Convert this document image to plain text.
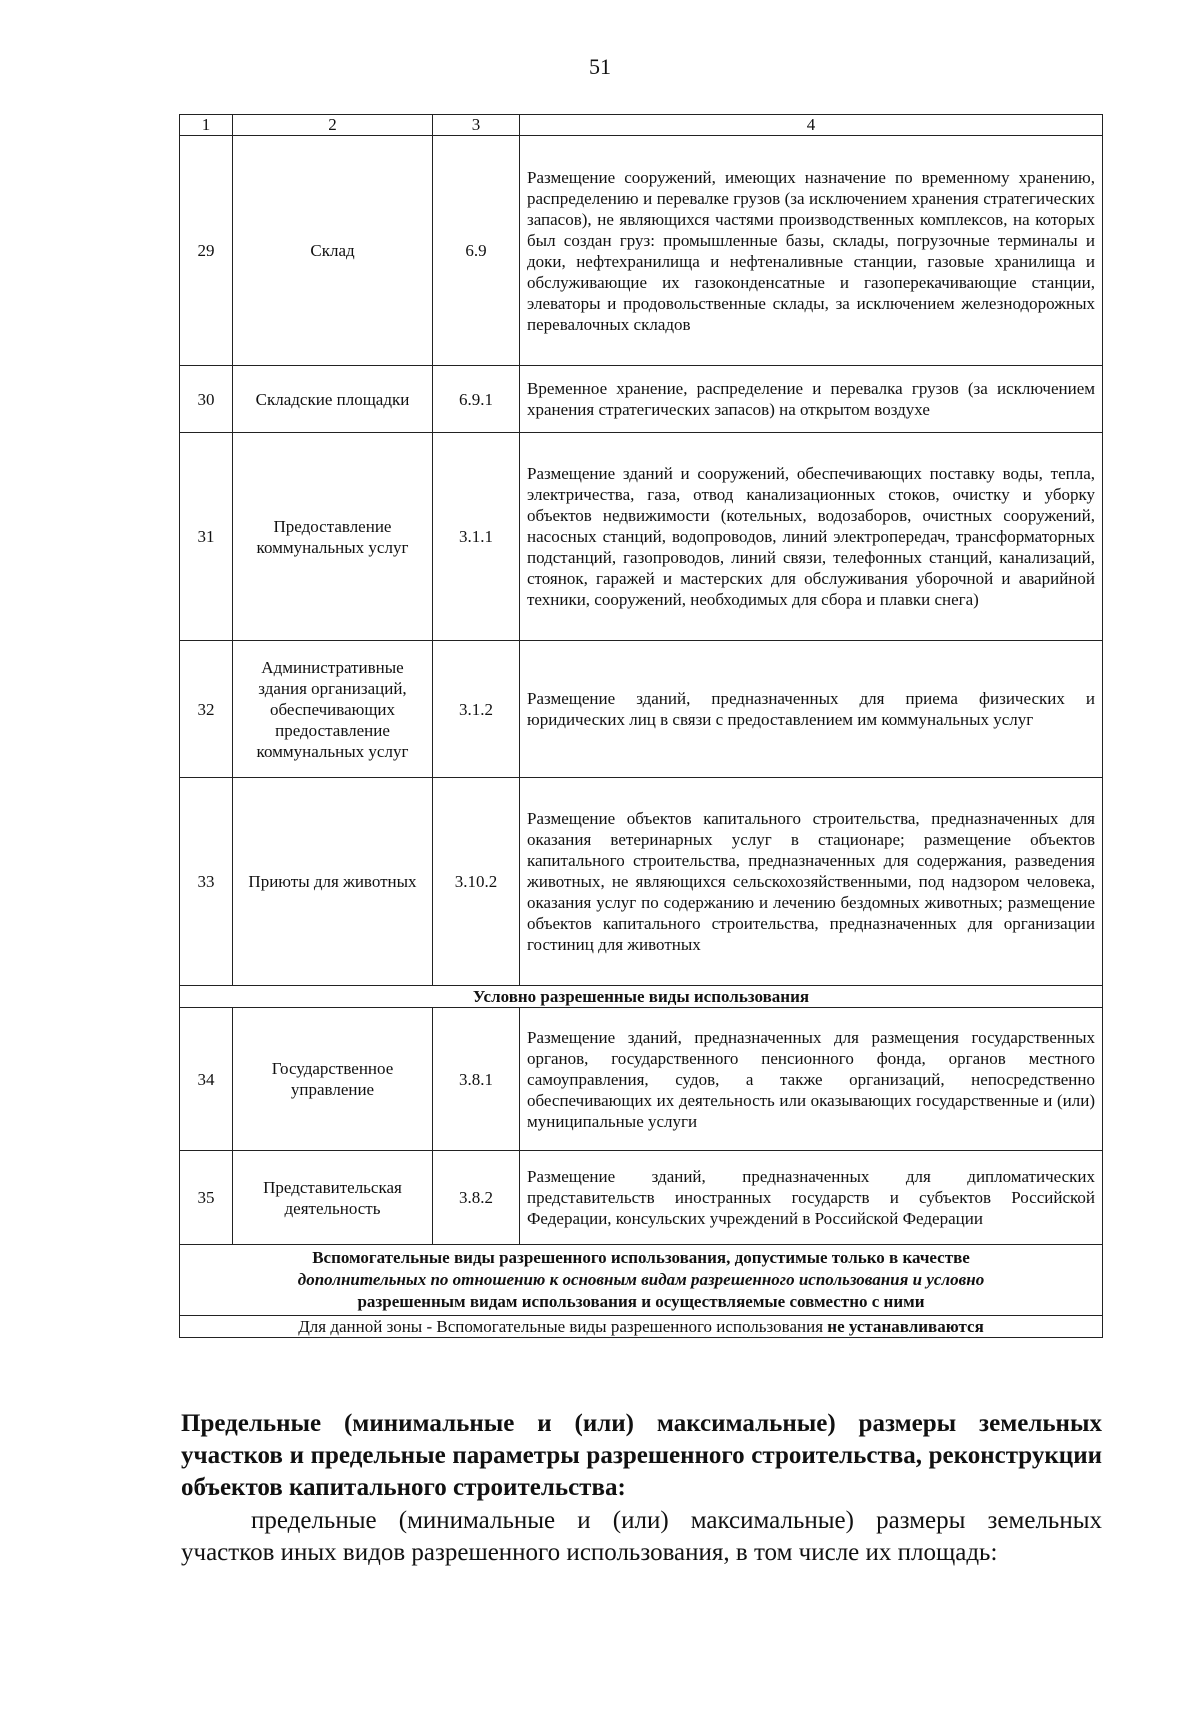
51
1	2	3	4
29	Склад	6.9	Размещение сооружений, имеющих назначение по временному хранению, распределению и перевалке грузов (за исключением хранения стратегических запасов), не являющихся частями производственных комплексов, на которых был создан груз: промышленные базы, склады, погрузочные терминалы и доки, нефтехранилища и нефтеналивные станции, газовые хранилища и обслуживающие их газоконденсатные и газоперекачивающие станции, элеваторы и продовольственные склады, за исключением железнодорожных перевалочных складов
30	Складские площадки	6.9.1	Временное хранение, распределение и перевалка грузов (за исключением хранения стратегических запасов) на открытом воздухе
31	Предоставление коммунальных услуг	3.1.1	Размещение зданий и сооружений, обеспечивающих поставку воды, тепла, электричества, газа, отвод канализационных стоков, очистку и уборку объектов недвижимости (котельных, водозаборов, очистных сооружений, насосных станций, водопроводов, линий электропередач, трансформаторных подстанций, газопроводов, линий связи, телефонных станций, канализаций, стоянок, гаражей и мастерских для обслуживания уборочной и аварийной техники, сооружений, необходимых для сбора и плавки снега)
32	Административные здания организаций, обеспечивающих предоставление коммунальных услуг	3.1.2	Размещение зданий, предназначенных для приема физических и юридических лиц в связи с предоставлением им коммунальных услуг
33	Приюты для животных	3.10.2	Размещение объектов капитального строительства, предназначенных для оказания ветеринарных услуг в стационаре; размещение объектов капитального строительства, предназначенных для содержания, разведения животных, не являющихся сельскохозяйственными, под надзором человека, оказания услуг по содержанию и лечению бездомных животных; размещение объектов капитального строительства, предназначенных для организации гостиниц для животных
Условно разрешенные виды использования			
34	Государственное управление	3.8.1	Размещение зданий, предназначенных для размещения государственных органов, государственного пенсионного фонда, органов местного самоуправления, судов, а также организаций, непосредственно обеспечивающих их деятельность или оказывающих государственные и (или) муниципальные услуги
35	Представительская деятельность	3.8.2	Размещение зданий, предназначенных для дипломатических представительств иностранных государств и субъектов Российской Федерации, консульских учреждений в Российской Федерации

Вспомогательные виды разрешенного использования, допустимые только в качестве
дополнительных по отношению к основным видам разрешенного использования и условно
разрешенным видам использования и осуществляемые совместно с ними			

Для данной зоны - Вспомогательные виды разрешенного использования не устанавливаются			
Предельные (минимальные и (или) максимальные) размеры земельных участков и предельные параметры разрешенного строительства, реконструкции объектов капитального строительства:
предельные (минимальные и (или) максимальные) размеры земельных участков иных видов разрешенного использования, в том числе их площадь:
